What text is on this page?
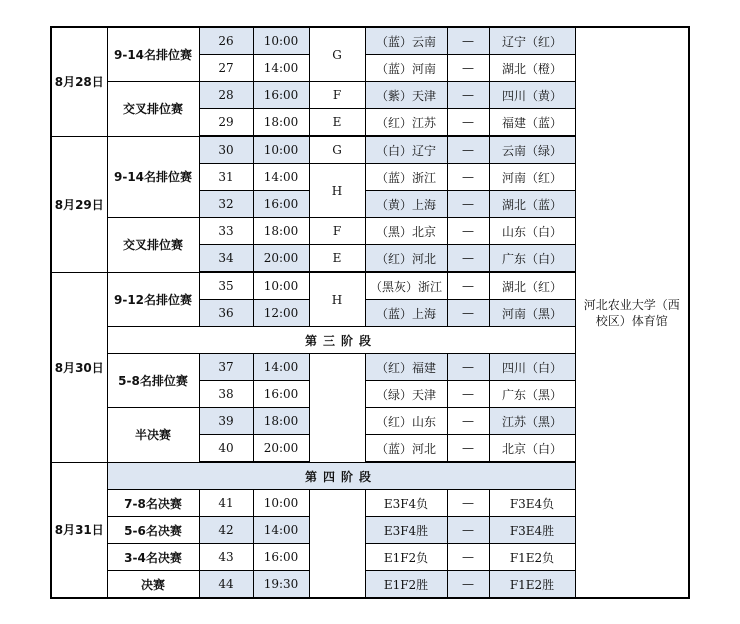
8月28日	9-14名排位赛	26	10:00	G	（蓝）云南	—	辽宁（红）	河北农业大学（西校区）体育馆
		27	14:00		（蓝）河南	—	湖北（橙）	
	交叉排位赛	28	16:00	F	（紫）天津	—	四川（黄）	
		29	18:00	E	（红）江苏	—	福建（蓝）	
8月29日	9-14名排位赛	30	10:00	G	（白）辽宁	—	云南（绿）	
		31	14:00	H	（蓝）浙江	—	河南（红）	
		32	16:00		（黄）上海	—	湖北（蓝）	
	交叉排位赛	33	18:00	F	（黑）北京	—	山东（白）	
		34	20:00	E	（红）河北	—	广东（白）	
8月30日	9-12名排位赛	35	10:00	H	（黑灰）浙江	—	湖北（红）	
		36	12:00		（蓝）上海	—	河南（黑）	
	第三阶段							
	5-8名排位赛	37	14:00		（红）福建	—	四川（白）	
		38	16:00		（绿）天津	—	广东（黑）	
	半决赛	39	18:00		（红）山东	—	江苏（黑）	
		40	20:00		（蓝）河北	—	北京（白）	
8月31日	第四阶段							
	7-8名决赛	41	10:00		E3F4负	—	F3E4负	
	5-6名决赛	42	14:00		E3F4胜	—	F3E4胜	
	3-4名决赛	43	16:00		E1F2负	—	F1E2负	
	决赛	44	19:30		E1F2胜	—	F1E2胜	
